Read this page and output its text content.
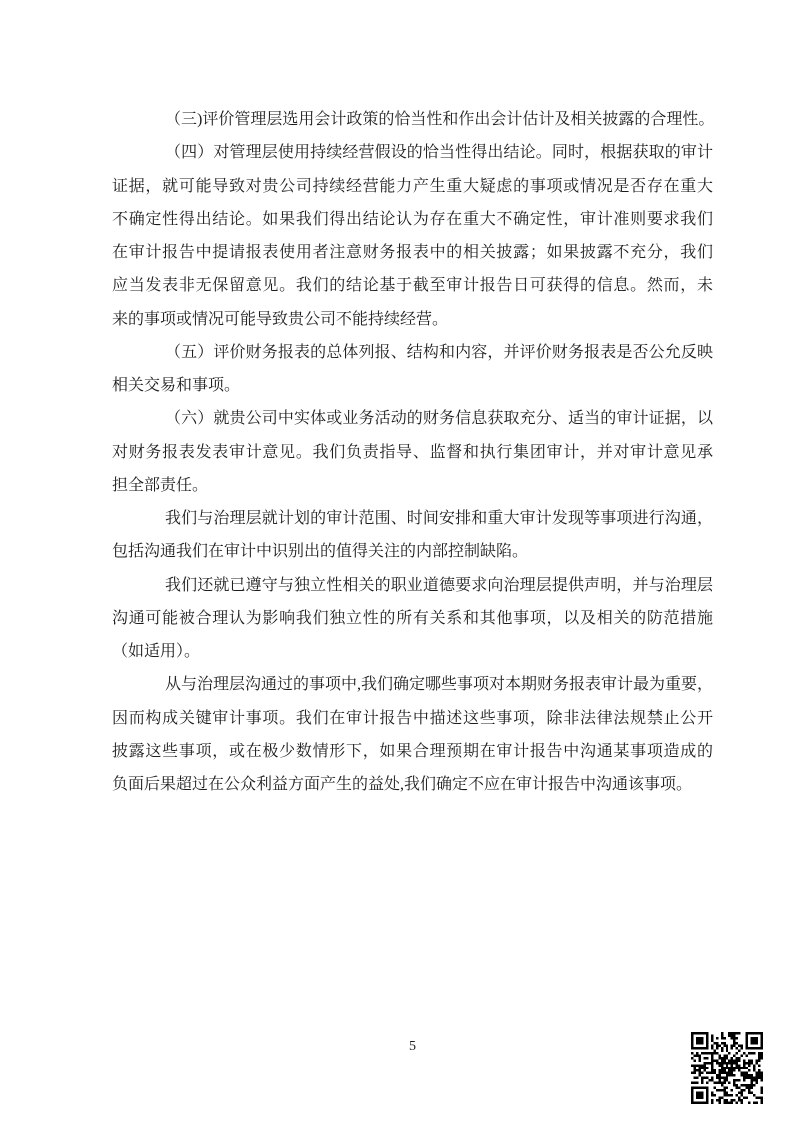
（三)评价管理层选用会计政策的恰当性和作出会计估计及相关披露的合理性。

（四）对管理层使用持续经营假设的恰当性得出结论。同时，根据获取的审计

证据，就可能导致对贵公司持续经营能力产生重大疑虑的事项或情况是否存在重大

不确定性得出结论。如果我们得出结论认为存在重大不确定性，审计准则要求我们

在审计报告中提请报表使用者注意财务报表中的相关披露；如果披露不充分，我们

应当发表非无保留意见。我们的结论基于截至审计报告日可获得的信息。然而，未

来的事项或情况可能导致贵公司不能持续经营。

（五）评价财务报表的总体列报、结构和内容，并评价财务报表是否公允反映

相关交易和事项。

（六）就贵公司中实体或业务活动的财务信息获取充分、适当的审计证据，以

对财务报表发表审计意见。我们负责指导、监督和执行集团审计，并对审计意见承

担全部责任。

我们与治理层就计划的审计范围、时间安排和重大审计发现等事项进行沟通，

包括沟通我们在审计中识别出的值得关注的内部控制缺陷。

我们还就已遵守与独立性相关的职业道德要求向治理层提供声明，并与治理层

沟通可能被合理认为影响我们独立性的所有关系和其他事项，以及相关的防范措施

（如适用）。

从与治理层沟通过的事项中,我们确定哪些事项对本期财务报表审计最为重要，

因而构成关键审计事项。我们在审计报告中描述这些事项，除非法律法规禁止公开

披露这些事项，或在极少数情形下，如果合理预期在审计报告中沟通某事项造成的

负面后果超过在公众利益方面产生的益处,我们确定不应在审计报告中沟通该事项。

5
